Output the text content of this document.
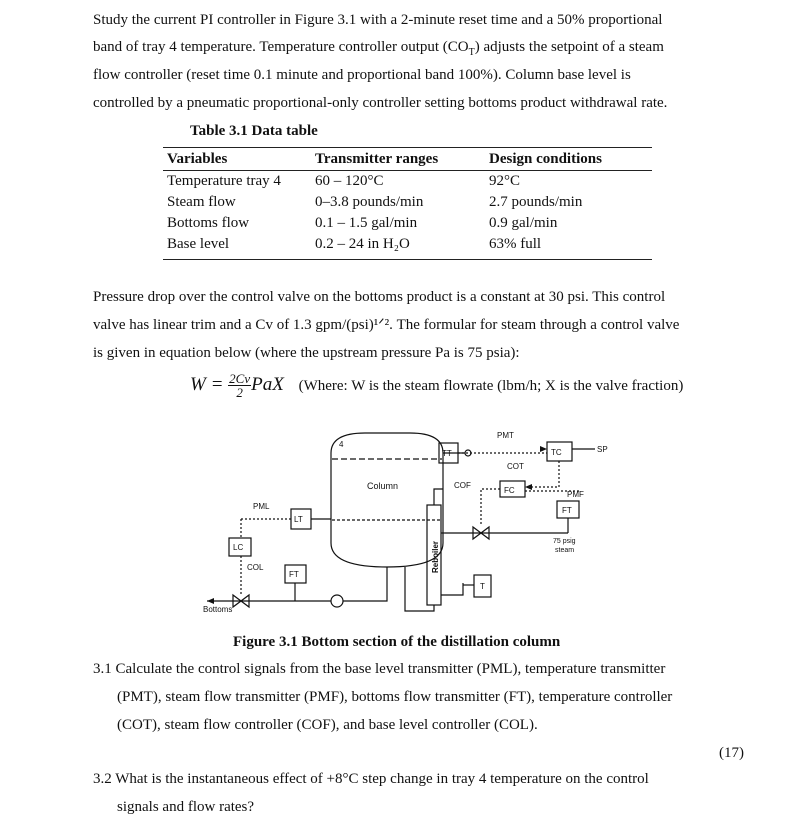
Study the current PI controller in Figure 3.1 with a 2-minute reset time and a 50% proportional
band of tray 4 temperature. Temperature controller output $(CO_T)$ adjusts the setpoint of a steam
flow controller (reset time 0.1 minute and proportional band 100%). Column base level is
controlled by a pneumatic proportional-only controller setting bottoms product withdrawal rate.
Table 3.1 Data table
Variables	Transmitter ranges	Design conditions
Temperature tray 4	60 – 120°C	92°C
Steam flow	0–3.8 pounds/min	2.7 pounds/min
Bottoms flow	0.1 – 1.5 gal/min	0.9 gal/min
Base level	0.2 – 24 in H₂O	63% full
Pressure drop over the control valve on the bottoms product is a constant at 30 psi. This control
valve has linear trim and a Cv of 1.3 gpm/(psi)¹ᐟ². The formular for steam through a control valve
is given in equation below (where the upstream pressure Pa is 75 psia):
$W = \frac{2Cv}{2}$ PaX (Where: W is the steam flowrate (lbm/h; X is the valve fraction)
4
Column
TT
PMT
COT
TC	SP
COF
FC	PMF
FT
75 psig
steam
PML
LT
LC
COL
FT
T
Bottoms
Reboiler
Figure 3.1 Bottom section of the distillation column
3.1 Calculate the control signals from the base level transmitter (PML), temperature transmitter
(PMT), steam flow transmitter (PMF), bottoms flow transmitter (FT), temperature controller
(COT), steam flow controller (COF), and base level controller (COL).
(17)
3.2 What is the instantaneous effect of +8°C step change in tray 4 temperature on the control
signals and flow rates?
